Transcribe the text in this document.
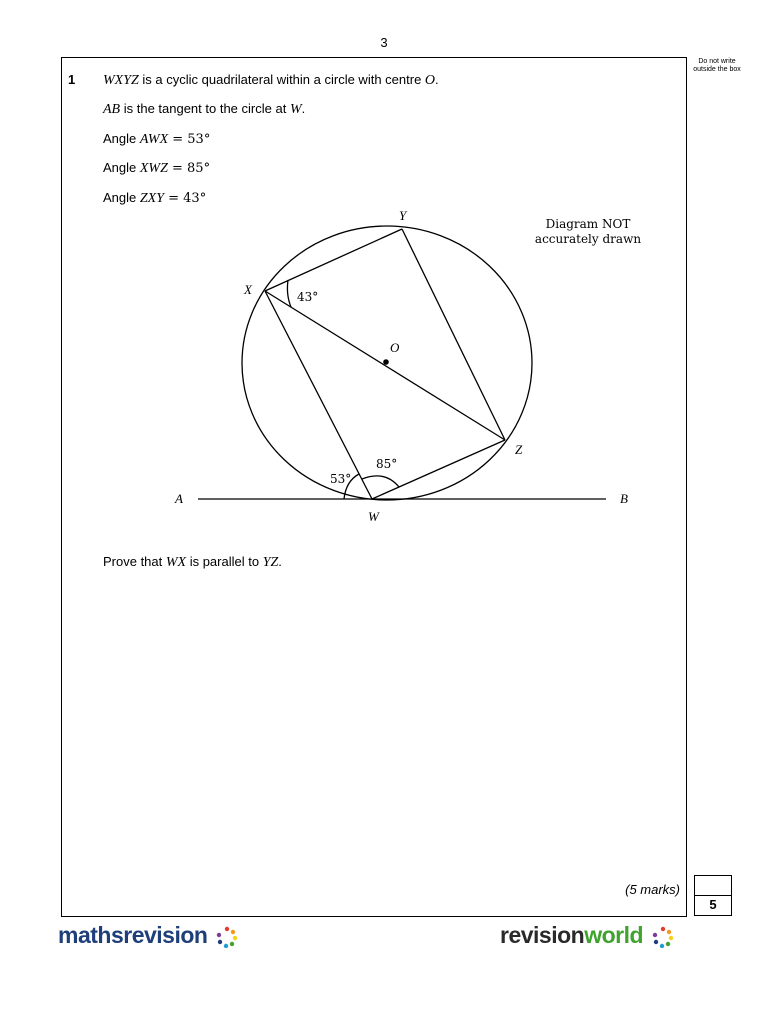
3
Do not write outside the box
1 WXYZ is a cyclic quadrilateral within a circle with centre O.
AB is the tangent to the circle at W.
Angle AWX = 53°
Angle XWZ = 85°
Angle ZXY = 43°
Y
X
O
Z
A	B
W
43°
53°
85°
Diagram NOT
accurately drawn
Prove that WX is parallel to YZ.
(5 marks)
5
mathsrevision	revisionworld
